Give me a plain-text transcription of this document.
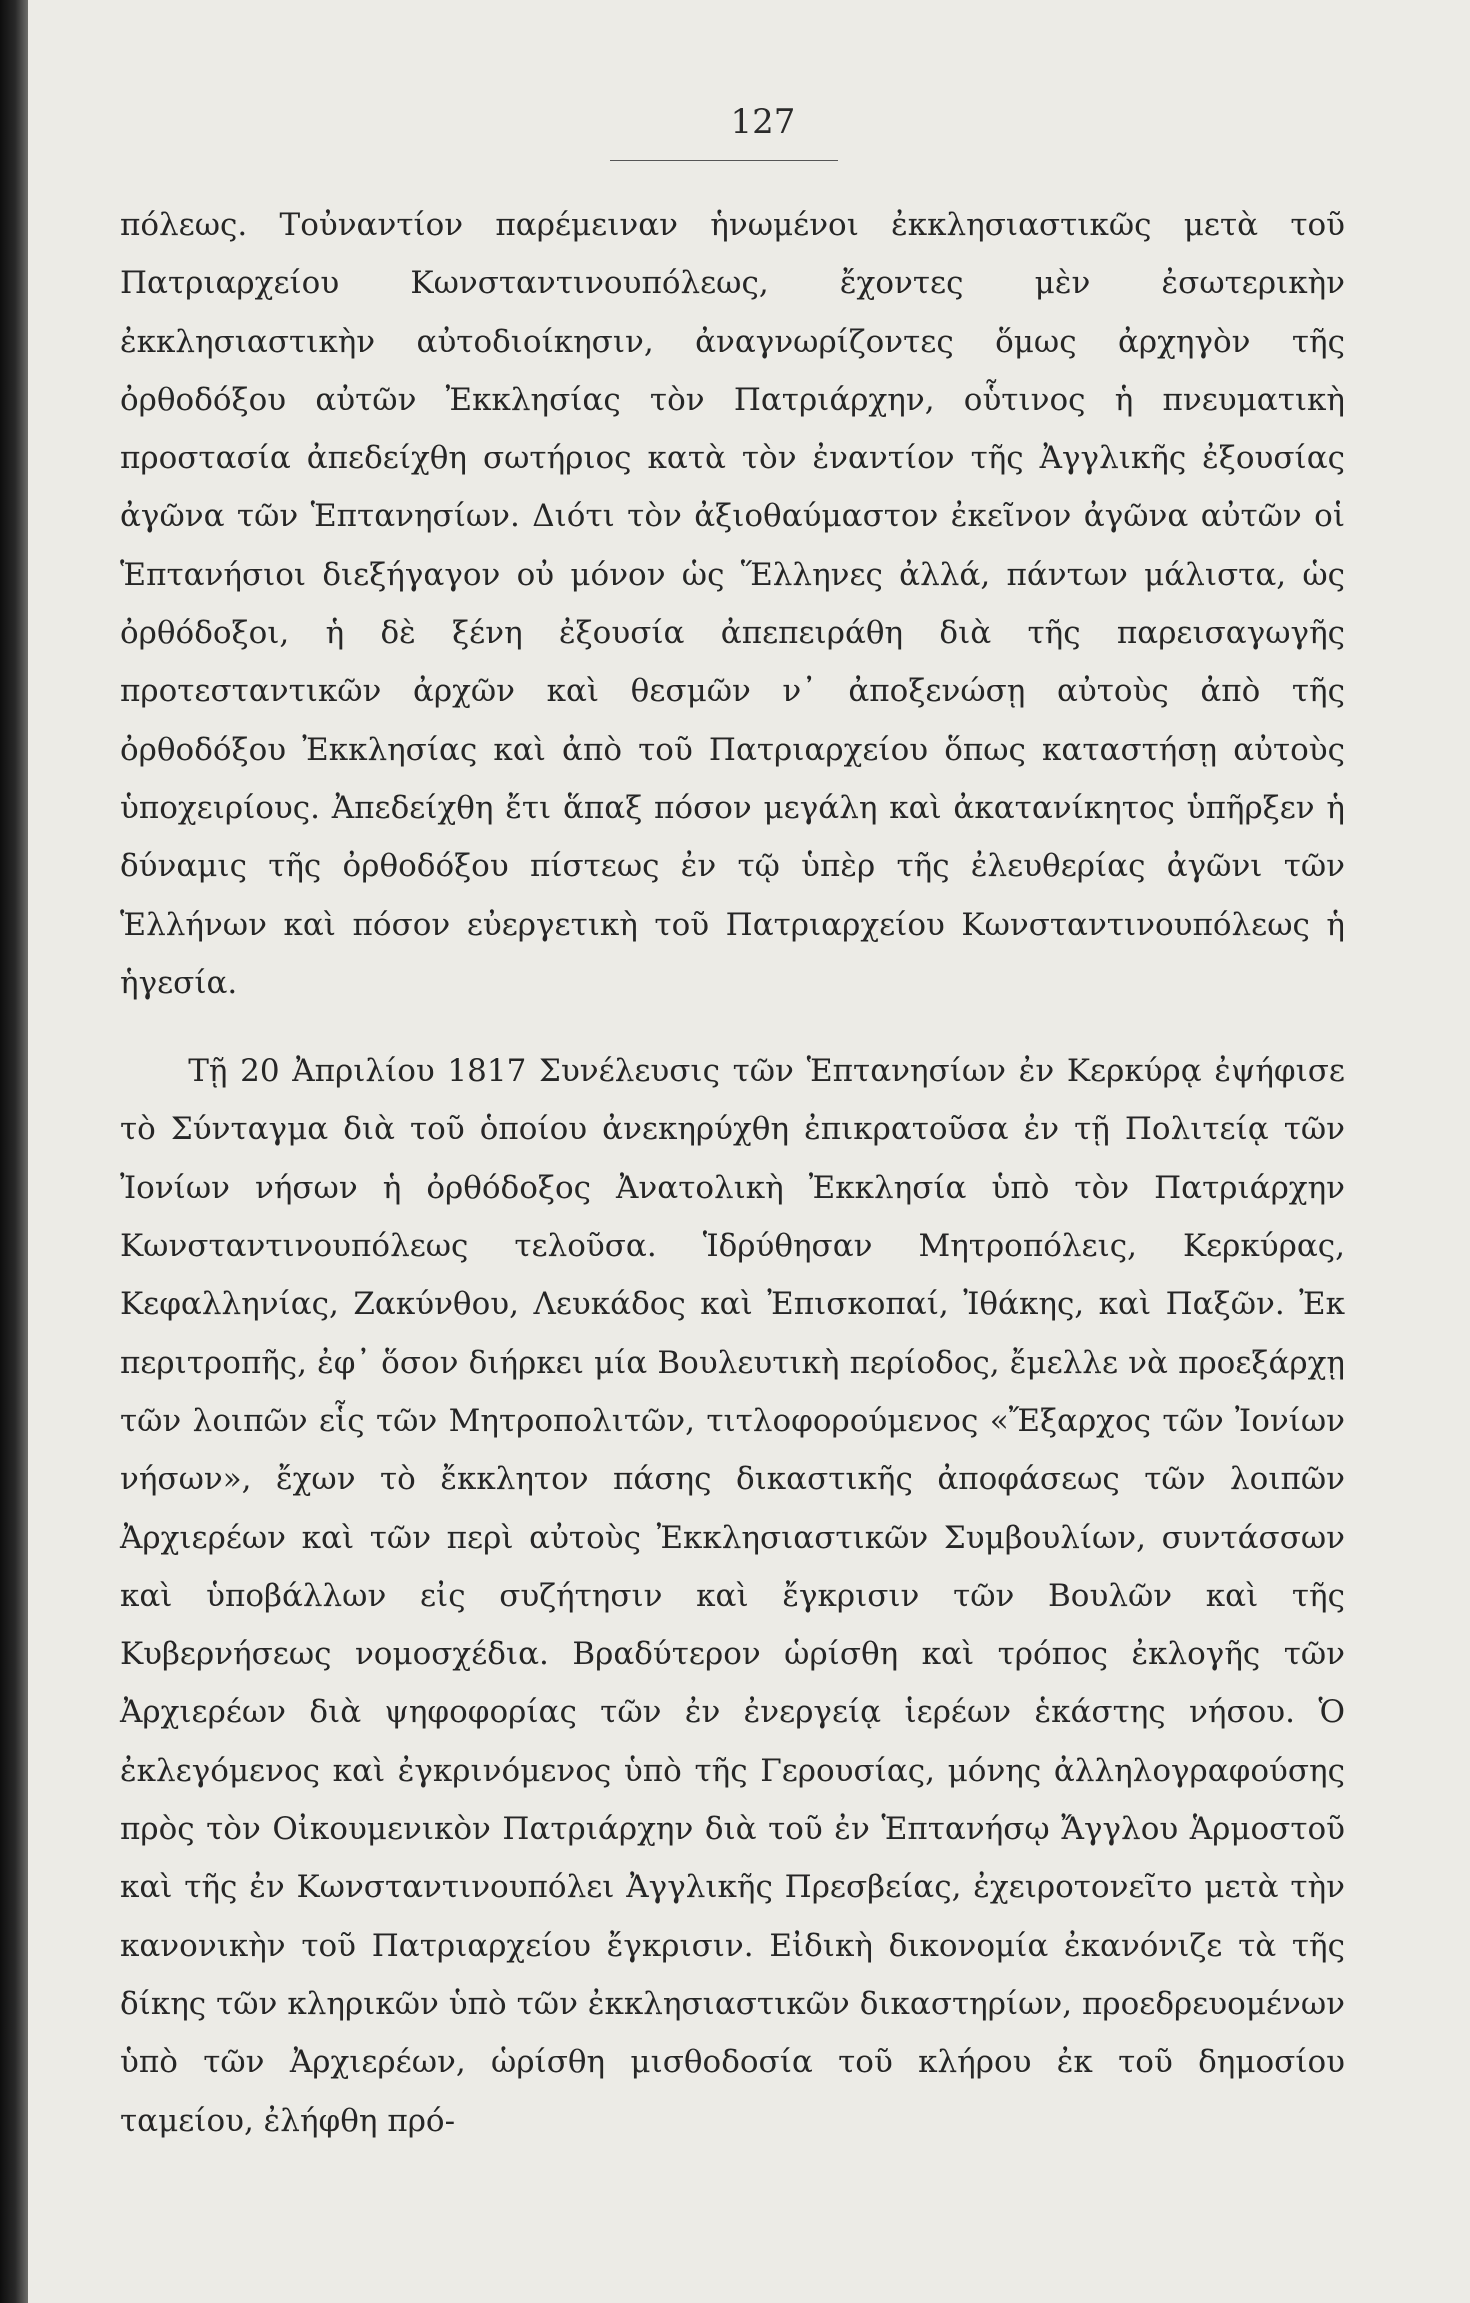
127

πόλεως. Τοὐναντίον παρέμειναν ἡνωμένοι ἐκκλησιαστικῶς μετὰ τοῦ Πατριαρχείου Κωνσταντινουπόλεως, ἔχοντες μὲν ἐσωτερικὴν ἐκκλησιαστικὴν αὐτοδιοίκησιν, ἀναγνωρίζοντες ὅμως ἀρχηγὸν τῆς ὀρθοδόξου αὐτῶν Ἐκκλησίας τὸν Πατριάρχην, οὗτινος ἡ πνευματικὴ προστασία ἀπεδείχθη σωτήριος κατὰ τὸν ἐναντίον τῆς Ἀγγλικῆς ἐξουσίας ἀγῶνα τῶν Ἑπτανησίων. Διότι τὸν ἀξιοθαύμαστον ἐκεῖνον ἀγῶνα αὐτῶν οἱ Ἑπτανήσιοι διεξήγαγον οὐ μόνον ὡς Ἕλληνες ἀλλά, πάντων μάλιστα, ὡς ὀρθόδοξοι, ἡ δὲ ξένη ἐξουσία ἀπεπειράθη διὰ τῆς παρεισαγωγῆς προτεσταντικῶν ἀρχῶν καὶ θεσμῶν ν᾽ ἀποξενώσῃ αὐτοὺς ἀπὸ τῆς ὀρθοδόξου Ἐκκλησίας καὶ ἀπὸ τοῦ Πατριαρχείου ὅπως καταστήσῃ αὐτοὺς ὑποχειρίους. Ἀπεδείχθη ἔτι ἅπαξ πόσον μεγάλη καὶ ἀκατανίκητος ὑπῆρξεν ἡ δύναμις τῆς ὀρθοδόξου πίστεως ἐν τῷ ὑπὲρ τῆς ἐλευθερίας ἀγῶνι τῶν Ἑλλήνων καὶ πόσον εὐεργετικὴ τοῦ Πατριαρχείου Κωνσταντινουπόλεως ἡ ἡγεσία.

Τῇ 20 Ἀπριλίου 1817 Συνέλευσις τῶν Ἑπτανησίων ἐν Κερκύρᾳ ἐψήφισε τὸ Σύνταγμα διὰ τοῦ ὁποίου ἀνεκηρύχθη ἐπικρατοῦσα ἐν τῇ Πολιτείᾳ τῶν Ἰονίων νήσων ἡ ὀρθόδοξος Ἀνατολικὴ Ἐκκλησία ὑπὸ τὸν Πατριάρχην Κωνσταντινουπόλεως τελοῦσα. Ἱδρύθησαν Μητροπόλεις, Κερκύρας, Κεφαλληνίας, Ζακύνθου, Λευκάδος καὶ Ἐπισκοπαί, Ἰθάκης, καὶ Παξῶν. Ἐκ περιτροπῆς, ἐφ᾽ ὅσον διήρκει μία Βουλευτικὴ περίοδος, ἔμελλε νὰ προεξάρχῃ τῶν λοιπῶν εἷς τῶν Μητροπολιτῶν, τιτλοφορούμενος «Ἔξαρχος τῶν Ἰονίων νήσων», ἔχων τὸ ἔκκλητον πάσης δικαστικῆς ἀποφάσεως τῶν λοιπῶν Ἀρχιερέων καὶ τῶν περὶ αὐτοὺς Ἐκκλησιαστικῶν Συμβουλίων, συντάσσων καὶ ὑποβάλλων εἰς συζήτησιν καὶ ἔγκρισιν τῶν Βουλῶν καὶ τῆς Κυβερνήσεως νομοσχέδια. Βραδύτερον ὡρίσθη καὶ τρόπος ἐκλογῆς τῶν Ἀρχιερέων διὰ ψηφοφορίας τῶν ἐν ἐνεργείᾳ ἱερέων ἑκάστης νήσου. Ὁ ἐκλεγόμενος καὶ ἐγκρινόμενος ὑπὸ τῆς Γερουσίας, μόνης ἀλληλογραφούσης πρὸς τὸν Οἰκουμενικὸν Πατριάρχην διὰ τοῦ ἐν Ἑπτανήσῳ Ἄγγλου Ἁρμοστοῦ καὶ τῆς ἐν Κωνσταντινουπόλει Ἀγγλικῆς Πρεσβείας, ἐχειροτονεῖτο μετὰ τὴν κανονικὴν τοῦ Πατριαρχείου ἔγκρισιν. Εἰδικὴ δικονομία ἐκανόνιζε τὰ τῆς δίκης τῶν κληρικῶν ὑπὸ τῶν ἐκκλησιαστικῶν δικαστηρίων, προεδρευομένων ὑπὸ τῶν Ἀρχιερέων, ὡρίσθη μισθοδοσία τοῦ κλήρου ἐκ τοῦ δημοσίου ταμείου, ἐλήφθη πρό-
